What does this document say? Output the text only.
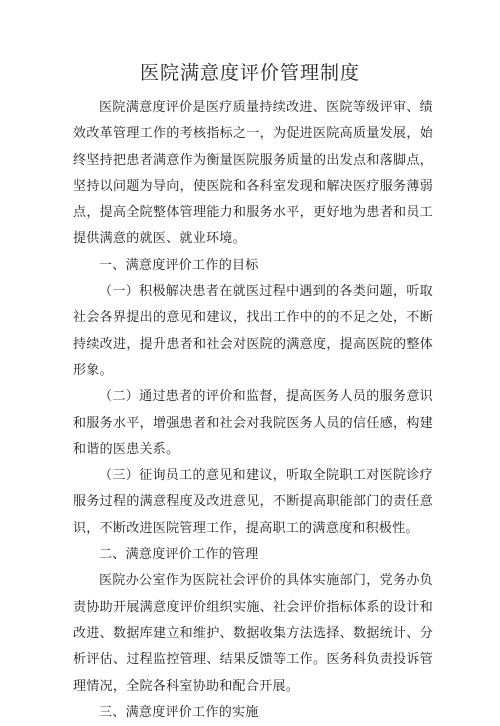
医院满意度评价管理制度

医院满意度评价是医疗质量持续改进、医院等级评审、绩效改革管理工作的考核指标之一，为促进医院高质量发展，始终坚持把患者满意作为衡量医院服务质量的出发点和落脚点，坚持以问题为导向，使医院和各科室发现和解决医疗服务薄弱点，提高全院整体管理能力和服务水平，更好地为患者和员工提供满意的就医、就业环境。

一、满意度评价工作的目标

（一）积极解决患者在就医过程中遇到的各类问题，听取社会各界提出的意见和建议，找出工作中的的不足之处，不断持续改进，提升患者和社会对医院的满意度，提高医院的整体形象。

（二）通过患者的评价和监督，提高医务人员的服务意识和服务水平，增强患者和社会对我院医务人员的信任感，构建和谐的医患关系。

（三）征询员工的意见和建议，听取全院职工对医院诊疗服务过程的满意程度及改进意见，不断提高职能部门的责任意识，不断改进医院管理工作，提高职工的满意度和积极性。

二、满意度评价工作的管理

医院办公室作为医院社会评价的具体实施部门，党务办负责协助开展满意度评价组织实施、社会评价指标体系的设计和改进、数据库建立和维护、数据收集方法选择、数据统计、分析评估、过程监控管理、结果反馈等工作。医务科负责投诉管理情况，全院各科室协助和配合开展。

三、满意度评价工作的实施
